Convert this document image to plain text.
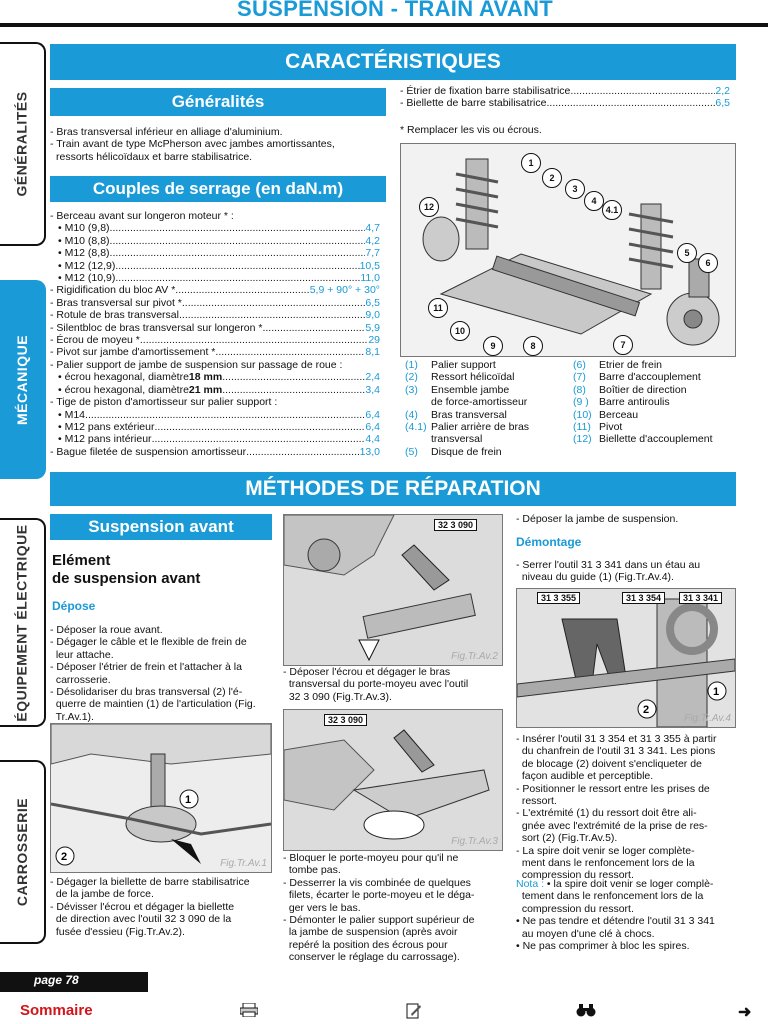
SUSPENSION - TRAIN AVANT
GÉNÉRALITÉS
MÉCANIQUE
ÉQUIPEMENT ÉLECTRIQUE
CARROSSERIE
CARACTÉRISTIQUES
Généralités
- Bras transversal inférieur en alliage d'aluminium.
- Train avant de type McPherson avec jambes amortissantes,
ressorts hélicoïdaux et barre stabilisatrice.
Couples de serrage (en daN.m)
- Berceau avant sur longeron moteur * :
• M10 (9,8) .....	4,7
• M10 (8,8) .....	4,2
• M12 (8,8) .....	7,7
• M12 (12,9) .....	10,5
• M12 (10,9) .....	11,0
- Rigidification du bloc AV * .....	5,9 + 90° + 30°
- Bras transversal sur pivot * .....	6,5
- Rotule de bras transversal .....	9,0
- Silentbloc de bras transversal sur longeron * .....	5,9
- Écrou de moyeu * .....	29
- Pivot sur jambe d'amortissement * .....	8,1
- Palier support de jambe de suspension sur passage de roue :
• écrou hexagonal, diamètre 18 mm .....	2,4
• écrou hexagonal, diamètre 21 mm .....	3,4
- Tige de piston d'amortisseur sur palier support :
• M14 .....	6,4
• M12 pans extérieur .....	6,4
• M12 pans intérieur .....	4,4
- Bague filetée de suspension amortisseur .....	13,0
- Étrier de fixation barre stabilisatrice .....	2,2
- Biellette de barre stabilisatrice .....	6,5
* Remplacer les vis ou écrous.
1
2
3
4
4.1
5
6
7
8
9
10
11
12
(1) Palier support
(2) Ressort hélicoïdal
(3) Ensemble jambe
de force-amortisseur
(4) Bras transversal
(4.1) Palier arrière de bras
transversal
(5) Disque de frein
(6) Etrier de frein
(7) Barre d'accouplement
(8) Boîtier de direction
(9 ) Barre antiroulis
(10) Berceau
(11) Pivot
(12) Biellette d'accouplement
MÉTHODES DE RÉPARATION
Suspension avant
Elément
de suspension avant
Dépose
- Déposer la roue avant.
- Dégager le câble et le flexible de frein de
leur attache.
- Déposer l'étrier de frein et l'attacher à la
carrosserie.
- Désolidariser du bras transversal (2) l'é-
querre de maintien (1) de l'articulation (Fig.
Tr.Av.1).
1
2
Fig.Tr.Av.1
- Dégager la biellette de barre stabilisatrice
de la jambe de force.
- Dévisser l'écrou et dégager la biellette
de direction avec l'outil 32 3 090 de la
fusée d'essieu (Fig.Tr.Av.2).
32 3 090
Fig.Tr.Av.2
- Déposer l'écrou et dégager le bras
transversal du porte-moyeu avec l'outil
32 3 090 (Fig.Tr.Av.3).
32 3 090
Fig.Tr.Av.3
- Bloquer le porte-moyeu pour qu'il ne
tombe pas.
- Desserrer la vis combinée de quelques
filets, écarter le porte-moyeu et le déga-
ger vers le bas.
- Démonter le palier support supérieur de
la jambe de suspension (après avoir
repéré la position des écrous pour
conserver le réglage du carrossage).
- Déposer la jambe de suspension.
Démontage
- Serrer l'outil 31 3 341 dans un étau au
niveau du guide (1) (Fig.Tr.Av.4).
2
1
31 3 355	31 3 354	31 3 341
Fig.Tr.Av.4
- Insérer l'outil 31 3 354 et 31 3 355 à partir
du chanfrein de l'outil 31 3 341. Les pions
de blocage (2) doivent s'encliqueter de
façon audible et perceptible.
- Positionner le ressort entre les prises de
ressort.
- L'extrémité (1) du ressort doit être ali-
gnée avec l'extrémité de la prise de res-
sort (2) (Fig.Tr.Av.5).
- La spire doit venir se loger complète-
ment dans le renfoncement lors de la
compression du ressort.
Nota : • la spire doit venir se loger complè-
tement dans le renfoncement lors de la
compression du ressort.
• Ne pas tendre et détendre l'outil 31 3 341
au moyen d'une clé à chocs.
• Ne pas comprimer à bloc les spires.
page 78
Sommaire	➜
